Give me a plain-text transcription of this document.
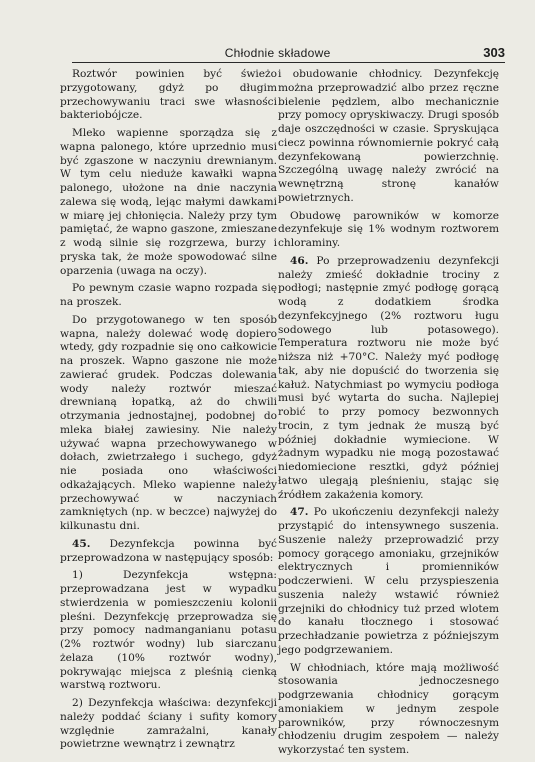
Chłodnie składowe	303

Roztwór powinien być świeżo przygotowany, gdyż po długim przechowywaniu traci swe własności bakteriobójcze.

Mleko wapienne sporządza się z wapna palonego, które uprzednio musi być zgaszone w naczyniu drewnianym. W tym celu nieduże kawałki wapna palonego, ułożone na dnie naczynia zalewa się wodą, lejąc małymi dawkami w miarę jej chłonięcia. Należy przy tym pamiętać, że wapno gaszone, zmieszane z wodą silnie się rozgrzewa, burzy i pryska tak, że może spowodować silne oparzenia (uwaga na oczy).

Po pewnym czasie wapno rozpada się na proszek.

Do przygotowanego w ten sposób wapna, należy dolewać wodę dopiero wtedy, gdy rozpadnie się ono całkowicie na proszek. Wapno gaszone nie może zawierać grudek. Podczas dolewania wody należy roztwór mieszać drewnianą łopatką, aż do chwili otrzymania jednostajnej, podobnej do mleka białej zawiesiny. Nie należy używać wapna przechowywanego w dołach, zwietrzałego i suchego, gdyż nie posiada ono właściwości odkażających. Mleko wapienne należy przechowywać w naczyniach zamkniętych (np. w beczce) najwyżej do kilkunastu dni.

45. Dezynfekcja powinna być przeprowadzona w następujący sposób:

1) Dezynfekcja wstępna: przeprowadzana jest w wypadku stwierdzenia w pomieszczeniu kolonii pleśni. Dezynfekcję przeprowadza się przy pomocy nadmanganianu potasu (2% roztwór wodny) lub siarczanu żelaza (10% roztwór wodny), pokrywając miejsca z pleśnią cienką warstwą roztworu.

2) Dezynfekcja właściwa: dezynfekcji należy poddać ściany i sufity komory względnie zamrażalni, kanały powietrzne wewnątrz i zewnątrz

i obudowanie chłodnicy. Dezynfekcję można przeprowadzić albo przez ręczne bielenie pędzlem, albo mechanicznie przy pomocy opryskiwaczy. Drugi sposób daje oszczędności w czasie. Spryskująca ciecz powinna równomiernie pokryć całą dezynfekowaną powierzchnię. Szczególną uwagę należy zwrócić na wewnętrzną stronę kanałów powietrznych.

Obudowę parowników w komorze dezynfekuje się 1% wodnym roztworem chloraminy.

46. Po przeprowadzeniu dezynfekcji należy zmieść dokładnie trociny z podłogi; następnie zmyć podłogę gorącą wodą z dodatkiem środka dezynfekcyjnego (2% roztworu ługu sodowego lub potasowego). Temperatura roztworu nie może być niższa niż +70°C. Należy myć podłogę tak, aby nie dopuścić do tworzenia się kałuż. Natychmiast po wymyciu podłoga musi być wytarta do sucha. Najlepiej robić to przy pomocy bezwonnych trocin, z tym jednak że muszą być później dokładnie wymiecione. W żadnym wypadku nie mogą pozostawać niedomiecione resztki, gdyż później łatwo ulegają pleśnieniu, stając się źródłem zakażenia komory.

47. Po ukończeniu dezynfekcji należy przystąpić do intensywnego suszenia. Suszenie należy przeprowadzić przy pomocy gorącego amoniaku, grzejników elektrycznych i promienników podczerwieni. W celu przyspieszenia suszenia należy wstawić również grzejniki do chłodnicy tuż przed wlotem do kanału tłocznego i stosować przechładzanie powietrza z późniejszym jego podgrzewaniem.

W chłodniach, które mają możliwość stosowania jednoczesnego podgrzewania chłodnicy gorącym amoniakiem w jednym zespole parowników, przy równoczesnym chłodzeniu drugim zespołem — należy wykorzystać ten system.
